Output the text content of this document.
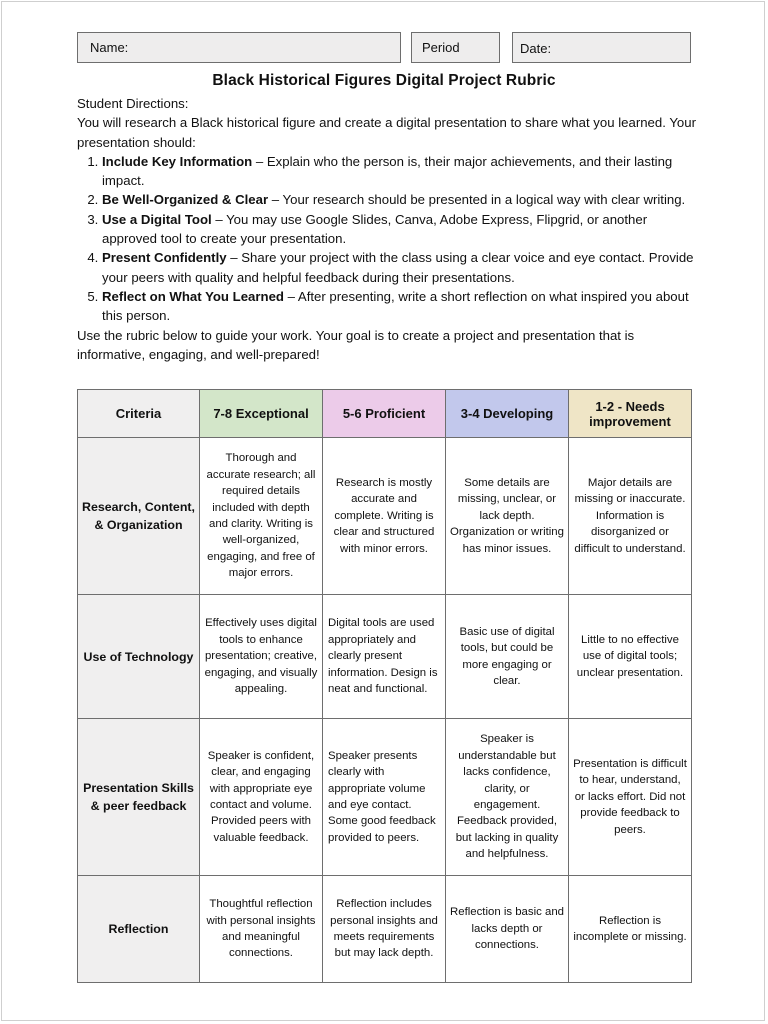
Name:	Period	Date:
Black Historical Figures Digital Project Rubric

Student Directions:

You will research a Black historical figure and create a digital presentation to share what you learned. Your presentation should:

1. Include Key Information – Explain who the person is, their major achievements, and their lasting impact.
2. Be Well-Organized & Clear – Your research should be presented in a logical way with clear writing.
3. Use a Digital Tool – You may use Google Slides, Canva, Adobe Express, Flipgrid, or another approved tool to create your presentation.
4. Present Confidently – Share your project with the class using a clear voice and eye contact. Provide your peers with quality and helpful feedback during their presentations.
5. Reflect on What You Learned – After presenting, write a short reflection on what inspired you about this person.

Use the rubric below to guide your work. Your goal is to create a project and presentation that is informative, engaging, and well-prepared!

Criteria	7-8 Exceptional	5-6 Proficient	3-4 Developing	1-2 - Needs improvement
Research, Content, & Organization	Thorough and accurate research; all required details included with depth and clarity. Writing is well-organized, engaging, and free of major errors.	Research is mostly accurate and complete. Writing is clear and structured with minor errors.	Some details are missing, unclear, or lack depth. Organization or writing has minor issues.	Major details are missing or inaccurate. Information is disorganized or difficult to understand.
Use of Technology	Effectively uses digital tools to enhance presentation; creative, engaging, and visually appealing.	Digital tools are used appropriately and clearly present information. Design is neat and functional.	Basic use of digital tools, but could be more engaging or clear.	Little to no effective use of digital tools; unclear presentation.
Presentation Skills & peer feedback	Speaker is confident, clear, and engaging with appropriate eye contact and volume. Provided peers with valuable feedback.	Speaker presents clearly with appropriate volume and eye contact. Some good feedback provided to peers.	Speaker is understandable but lacks confidence, clarity, or engagement. Feedback provided, but lacking in quality and helpfulness.	Presentation is difficult to hear, understand, or lacks effort. Did not provide feedback to peers.
Reflection	Thoughtful reflection with personal insights and meaningful connections.	Reflection includes personal insights and meets requirements but may lack depth.	Reflection is basic and lacks depth or connections.	Reflection is incomplete or missing.
